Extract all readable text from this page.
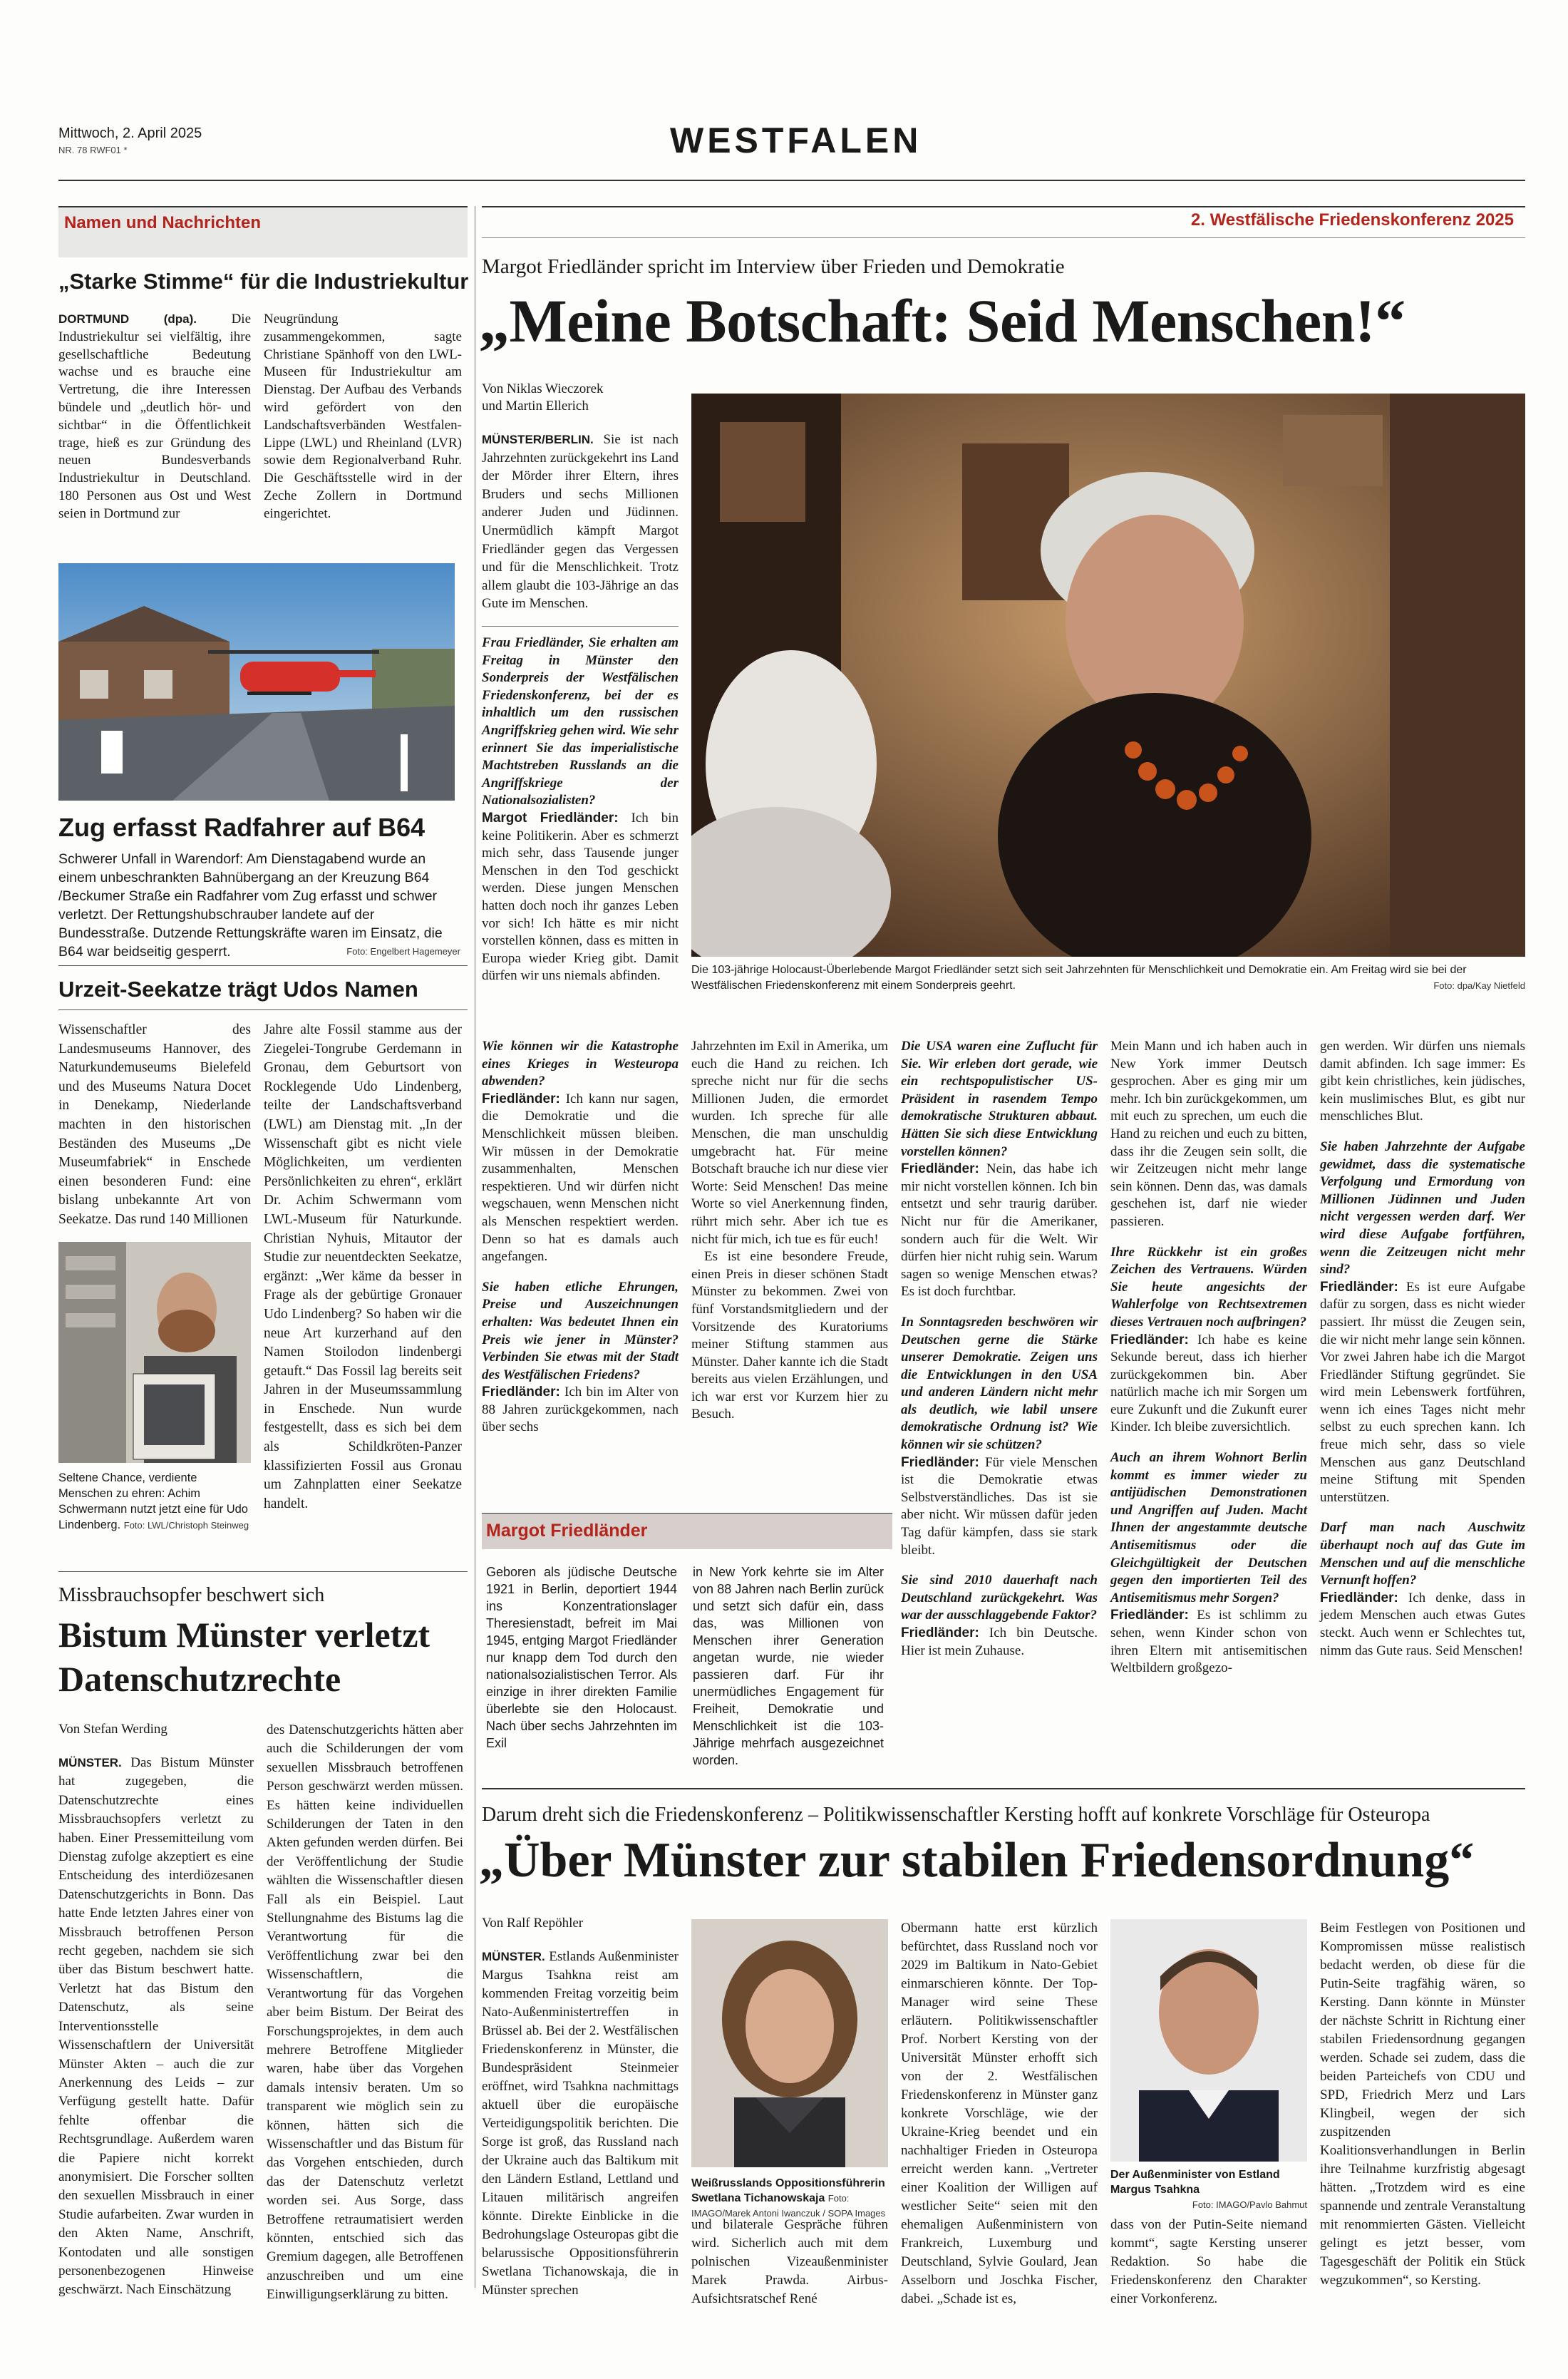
Mittwoch, 2. April 2025
NR. 78 RWF01 *	WESTFALEN
Namen und Nachrichten
„Starke Stimme“ für die Industriekultur
DORTMUND (dpa).	Die Industriekultur sei vielfältig, ihre gesellschaftliche Bedeutung wachse und es brauche eine Vertretung, die ihre Interessen bündele und „deutlich hör- und sichtbar“ in die Öffentlichkeit trage, hieß es zur Gründung des neuen Bundesverbands Industriekultur in Deutschland. 180 Personen aus Ost und West seien in Dortmund zur
Neugründung zusammengekommen, sagte Christiane Spänhoff von den LWL-Museen für Industriekultur am Dienstag. Der Aufbau des Verbands wird gefördert von den Landschaftsverbänden Westfalen-Lippe (LWL) und Rheinland (LVR) sowie dem Regionalverband Ruhr. Die Geschäftsstelle wird in der Zeche Zollern in Dortmund eingerichtet.
Zug erfasst Radfahrer auf B64
Schwerer Unfall in Warendorf: Am Dienstagabend wurde an einem unbeschrankten Bahnübergang an der Kreuzung B64 /Beckumer Straße ein Radfahrer vom Zug erfasst und schwer verletzt. Der Rettungshubschrauber landete auf der Bundesstraße. Dutzende Rettungskräfte waren im Einsatz, die B64 war beidseitig gesperrt.	Foto: Engelbert Hagemeyer
Urzeit-Seekatze trägt Udos Namen
Wissenschaftler des Landesmuseums Hannover, des Naturkundemuseums Bielefeld und des Museums Natura Docet in Denekamp, Niederlande machten in den historischen Beständen des Museums „De Museumfabriek“ in Enschede einen besonderen Fund: eine bislang unbekannte Art von Seekatze. Das rund 140 Millionen
Seltene Chance, verdiente Menschen zu ehren: Achim Schwermann nutzt jetzt eine für Udo Lindenberg. Foto: LWL/Christoph Steinweg
Jahre alte Fossil stamme aus der Ziegelei-Tongrube Gerdemann in Gronau, dem Geburtsort von Rocklegende Udo Lindenberg, teilte der Landschaftsverband (LWL) am Dienstag mit. „In der Wissenschaft gibt es nicht viele Möglichkeiten, um verdienten Persönlichkeiten zu ehren“, erklärt Dr. Achim Schwermann vom LWL-Museum für Naturkunde. Christian Nyhuis, Mitautor der Studie zur neuentdeckten Seekatze, ergänzt: „Wer käme da besser in Frage als der gebürtige Gronauer Udo Lindenberg? So haben wir die neue Art kurzerhand auf den Namen Stoilodon lindenbergi getauft.“ Das Fossil lag bereits seit Jahren in der Museumssammlung in Enschede. Nun wurde festgestellt, dass es sich bei dem als Schildkröten-Panzer klassifizierten Fossil aus Gronau um Zahnplatten einer Seekatze handelt.
Missbrauchsopfer beschwert sich
Bistum Münster verletzt Datenschutzrechte
Von Stefan Werding
MÜNSTER. Das Bistum Münster hat zugegeben, die Datenschutzrechte eines Missbrauchsopfers verletzt zu haben. Einer Pressemitteilung vom Dienstag zufolge akzeptiert es eine Entscheidung des interdiözesanen Datenschutzgerichts in Bonn. Das hatte Ende letzten Jahres einer von Missbrauch betroffenen Person recht gegeben, nachdem sie sich über das Bistum beschwert hatte. Verletzt hat das Bistum den Datenschutz, als seine Interventionsstelle Wissenschaftlern der Universität Münster Akten – auch die zur Anerkennung des Leids – zur Verfügung gestellt hatte. Dafür fehlte offenbar die Rechtsgrundlage. Außerdem waren die Papiere nicht korrekt anonymisiert. Die Forscher sollten den sexuellen Missbrauch in einer Studie aufarbeiten. Zwar wurden in den Akten Name, Anschrift, Kontodaten und alle sonstigen personenbezogenen Hinweise geschwärzt. Nach Einschätzung
des Datenschutzgerichts hätten aber auch die Schilderungen der vom sexuellen Missbrauch betroffenen Person geschwärzt werden müssen. Es hätten keine individuellen Schilderungen der Taten in den Akten gefunden werden dürfen. Bei der Veröffentlichung der Studie wählten die Wissenschaftler diesen Fall als ein Beispiel. Laut Stellungnahme des Bistums lag die Verantwortung für die Veröffentlichung zwar bei den Wissenschaftlern, die Verantwortung für das Vorgehen aber beim Bistum. Der Beirat des Forschungsprojektes, in dem auch mehrere Betroffene Mitglieder waren, habe über das Vorgehen damals intensiv beraten. Um so transparent wie möglich sein zu können, hätten sich die Wissenschaftler und das Bistum für das Vorgehen entschieden, durch das der Datenschutz verletzt worden sei. Aus Sorge, dass Betroffene retraumatisiert werden könnten, entschied sich das Gremium dagegen, alle Betroffenen anzuschreiben und um eine Einwilligungserklärung zu bitten.
2. Westfälische Friedenskonferenz 2025
Margot Friedländer spricht im Interview über Frieden und Demokratie
„Meine Botschaft: Seid Menschen!“
Von Niklas Wieczorek
und Martin Ellerich
MÜNSTER/BERLIN. Sie ist nach Jahrzehnten zurückgekehrt ins Land der Mörder ihrer Eltern, ihres Bruders und sechs Millionen anderer Juden und Jüdinnen. Unermüdlich kämpft Margot Friedländer gegen das Vergessen und für die Menschlichkeit. Trotz allem glaubt die 103-Jährige an das Gute im Menschen.
Frau Friedländer, Sie erhalten am Freitag in Münster den Sonderpreis der Westfälischen Friedenskonferenz, bei der es inhaltlich um den russischen Angriffskrieg gehen wird. Wie sehr erinnert Sie das imperialistische Machtstreben Russlands an die Angriffskriege der Nationalsozialisten?
Margot Friedländer: Ich bin keine Politikerin. Aber es schmerzt mich sehr, dass Tausende junger Menschen in den Tod geschickt werden. Diese jungen Menschen hatten doch noch ihr ganzes Leben vor sich! Ich hätte es mir nicht vorstellen können, dass es mitten in Europa wieder Krieg gibt. Damit dürfen wir uns niemals abfinden.	Die 103-jährige Holocaust-Überlebende Margot Friedländer setzt sich seit Jahrzehnten für Menschlichkeit und Demokratie ein. Am Freitag wird sie bei der Westfälischen Friedenskonferenz mit einem Sonderpreis geehrt.	Foto: dpa/Kay Nietfeld
Wie können wir die Katastrophe eines Krieges in Westeuropa abwenden?
Friedländer: Ich kann nur sagen, die Demokratie und die Menschlichkeit müssen bleiben. Wir müssen in der Demokratie zusammenhalten, Menschen respektieren. Und wir dürfen nicht wegschauen, wenn Menschen nicht als Menschen respektiert werden. Denn so hat es damals auch angefangen.
Sie haben etliche Ehrungen, Preise und Auszeichnungen erhalten: Was bedeutet Ihnen ein Preis wie jener in Münster? Verbinden Sie etwas mit der Stadt des Westfälischen Friedens?
Friedländer: Ich bin im Alter von 88 Jahren zurückgekommen, nach über sechs

Jahrzehnten im Exil in Amerika, um euch die Hand zu reichen. Ich spreche nicht nur für die sechs Millionen Juden, die ermordet wurden. Ich spreche für alle Menschen, die man unschuldig umgebracht hat. Für meine Botschaft brauche ich nur diese vier Worte: Seid Menschen! Das meine Worte so viel Anerkennung finden, rührt mich sehr. Aber ich tue es nicht für mich, ich tue es für euch!

Es ist eine besondere Freude, einen Preis in dieser schönen Stadt Münster zu bekommen. Zwei von fünf Vorstandsmitgliedern und der Vorsitzende des Kuratoriums meiner Stiftung stammen aus Münster. Daher kannte ich die Stadt bereits aus vielen Erzählungen, und ich war erst vor Kurzem hier zu Besuch.

Margot Friedländer
Geboren als jüdische Deutsche 1921 in Berlin, deportiert 1944 ins Konzentrationslager Theresienstadt, befreit im Mai 1945, entging Margot Friedländer nur knapp dem Tod durch den nationalsozialistischen Terror. Als einzige in ihrer direkten Familie überlebte sie den Holocaust. Nach über sechs Jahrzehnten im Exil
in New York kehrte sie im Alter von 88 Jahren nach Berlin zurück und setzt sich dafür ein, dass das, was Millionen von Menschen ihrer Generation angetan wurde, nie wieder passieren darf. Für ihr unermüdliches Engagement für Freiheit, Demokratie und Menschlichkeit ist die 103-Jährige mehrfach ausgezeichnet worden.
Die USA waren eine Zuflucht für Sie. Wir erleben dort gerade, wie ein rechtspopulistischer US-Präsident in rasendem Tempo demokratische Strukturen abbaut. Hätten Sie sich diese Entwicklung vorstellen können?
Friedländer: Nein, das habe ich mir nicht vorstellen können. Ich bin entsetzt und sehr traurig darüber. Nicht nur für die Amerikaner, sondern auch für die Welt. Wir dürfen hier nicht ruhig sein. Warum sagen so wenige Menschen etwas? Es ist doch furchtbar.
In Sonntagsreden beschwören wir Deutschen gerne die Stärke unserer Demokratie. Zeigen uns die Entwicklungen in den USA und anderen Ländern nicht mehr als deutlich, wie labil unsere demokratische Ordnung ist? Wie können wir sie schützen?
Friedländer: Für viele Menschen ist die Demokratie etwas Selbstverständliches. Das ist sie aber nicht. Wir müssen dafür jeden Tag dafür kämpfen, dass sie stark bleibt.
Sie sind 2010 dauerhaft nach Deutschland zurückgekehrt. Was war der ausschlaggebende Faktor?
Friedländer: Ich bin Deutsche. Hier ist mein Zuhause.
Mein Mann und ich haben auch in New York immer Deutsch gesprochen. Aber es ging mir um mehr. Ich bin zurückgekommen, um mit euch zu sprechen, um euch die Hand zu reichen und euch zu bitten, dass ihr die Zeugen sein sollt, die wir Zeitzeugen nicht mehr lange sein können. Denn das, was damals geschehen ist, darf nie wieder passieren.
Ihre Rückkehr ist ein großes Zeichen des Vertrauens. Würden Sie heute angesichts der Wahlerfolge von Rechtsextremen dieses Vertrauen noch aufbringen?
Friedländer: Ich habe es keine Sekunde bereut, dass ich hierher zurückgekommen bin. Aber natürlich mache ich mir Sorgen um eure Zukunft und die Zukunft eurer Kinder. Ich bleibe zuversichtlich.
Auch an ihrem Wohnort Berlin kommt es immer wieder zu antijüdischen Demonstrationen und Angriffen auf Juden. Macht Ihnen der angestammte deutsche Antisemitismus oder die Gleichgültigkeit der Deutschen gegen den importierten Teil des Antisemitismus mehr Sorgen?
Friedländer: Es ist schlimm zu sehen, wenn Kinder schon von ihren Eltern mit antisemitischen Weltbildern großgezo-
gen werden. Wir dürfen uns niemals damit abfinden. Ich sage immer: Es gibt kein christliches, kein jüdisches, kein muslimisches Blut, es gibt nur menschliches Blut.
Sie haben Jahrzehnte der Aufgabe gewidmet, dass die systematische Verfolgung und Ermordung von Millionen Jüdinnen und Juden nicht vergessen werden darf. Wer wird diese Aufgabe fortführen, wenn die Zeitzeugen nicht mehr sind?
Friedländer: Es ist eure Aufgabe dafür zu sorgen, dass es nicht wieder passiert. Ihr müsst die Zeugen sein, die wir nicht mehr lange sein können. Vor zwei Jahren habe ich die Margot Friedländer Stiftung gegründet. Sie wird mein Lebenswerk fortführen, wenn ich eines Tages nicht mehr selbst zu euch sprechen kann. Ich freue mich sehr, dass so viele Menschen aus ganz Deutschland meine Stiftung mit Spenden unterstützen.
Darf man nach Auschwitz überhaupt noch auf das Gute im Menschen und auf die menschliche Vernunft hoffen?
Friedländer: Ich denke, dass in jedem Menschen auch etwas Gutes steckt. Auch wenn er Schlechtes tut, nimm das Gute raus. Seid Menschen!
Darum dreht sich die Friedenskonferenz – Politikwissenschaftler Kersting hofft auf konkrete Vorschläge für Osteuropa
„Über Münster zur stabilen Friedensordnung“
Von Ralf Repöhler
MÜNSTER. Estlands Außenminister Margus Tsahkna reist am kommenden Freitag vorzeitig beim Nato-Außenministertreffen in Brüssel ab. Bei der 2. Westfälischen Friedenskonferenz in Münster, die Bundespräsident Steinmeier eröffnet, wird Tsahkna nachmittags aktuell über die europäische Verteidigungspolitik berichten. Die Sorge ist groß, das Russland nach der Ukraine auch das Baltikum mit den Ländern Estland, Lettland und Litauen militärisch angreifen könnte. Direkte Einblicke in die Bedrohungslage Osteuropas gibt die belarussische Oppositionsführerin Swetlana Tichanowskaja, die in Münster sprechen
Weißrusslands Oppositionsführerin Swetlana Tichanowskaja Foto: IMAGO/Marek Antoni Iwanczuk / SOPA Images
und bilaterale Gespräche führen wird. Sicherlich auch mit dem polnischen Vizeaußenminister Marek Prawda. Airbus-Aufsichtsratschef René
Obermann hatte erst kürzlich befürchtet, dass Russland noch vor 2029 im Baltikum in Nato-Gebiet einmarschieren könnte. Der Top-Manager wird seine These erläutern. Politikwissenschaftler Prof. Norbert Kersting von der Universität Münster erhofft sich von der 2. Westfälischen Friedenskonferenz in Münster ganz konkrete Vorschläge, wie der Ukraine-Krieg beendet und ein nachhaltiger Frieden in Osteuropa erreicht werden kann. „Vertreter einer Koalition der Willigen auf westlicher Seite“ seien mit den ehemaligen Außenministern von Frankreich, Luxemburg und Deutschland, Sylvie Goulard, Jean Asselborn und Joschka Fischer, dabei. „Schade ist es,
Der Außenminister von Estland Margus Tsahkna
Foto: IMAGO/Pavlo Bahmut
dass von der Putin-Seite niemand kommt“, sagte Kersting unserer Redaktion. So habe die Friedenskonferenz den Charakter einer Vorkonferenz.
Beim Festlegen von Positionen und Kompromissen müsse realistisch bedacht werden, ob diese für die Putin-Seite tragfähig wären, so Kersting. Dann könnte in Münster der nächste Schritt in Richtung einer stabilen Friedensordnung gegangen werden. Schade sei zudem, dass die beiden Parteichefs von CDU und SPD, Friedrich Merz und Lars Klingbeil, wegen der sich zuspitzenden Koalitionsverhandlungen in Berlin ihre Teilnahme kurzfristig abgesagt hätten. „Trotzdem wird es eine spannende und zentrale Veranstaltung mit renommierten Gästen. Vielleicht gelingt es jetzt besser, vom Tagesgeschäft der Politik ein Stück wegzukommen“, so Kersting.
